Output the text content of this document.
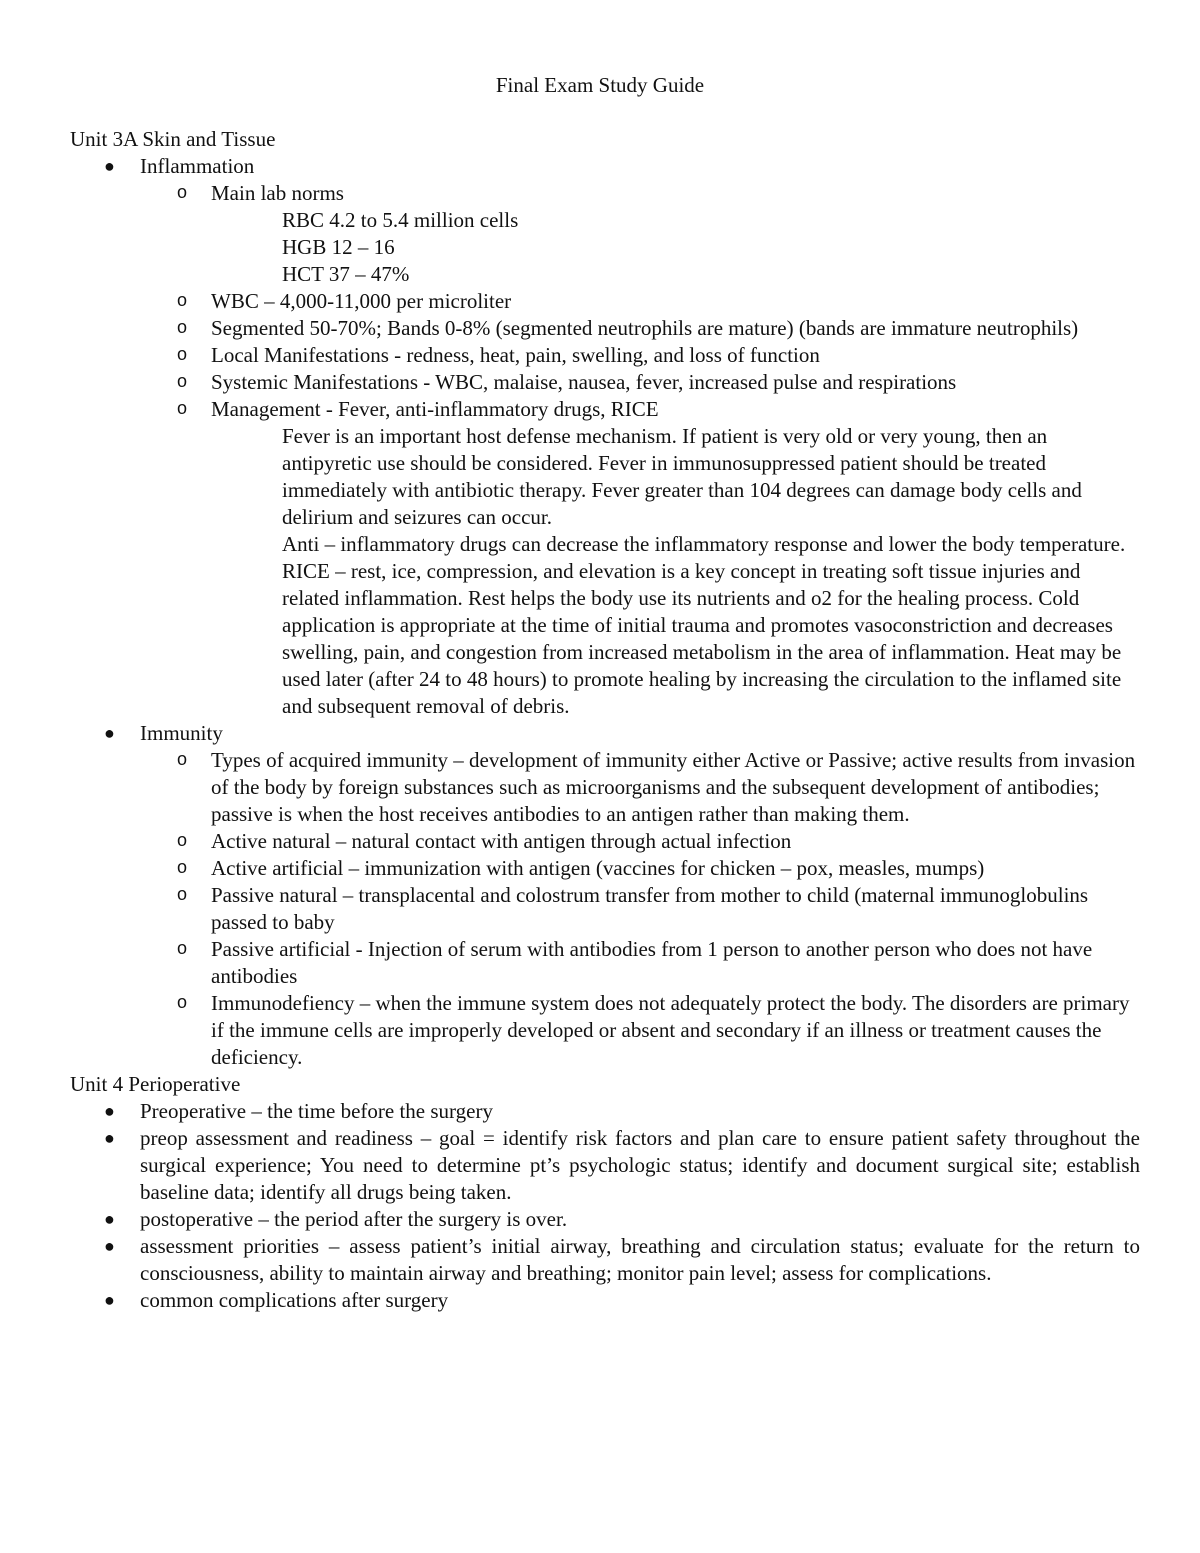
Final Exam Study Guide

Unit 3A Skin and Tissue

● Inflammation
o Main lab norms

RBC 4.2 to 5.4 million cells

HGB 12 – 16

HCT 37 – 47%

o WBC – 4,000-11,000 per microliter
o Segmented 50-70%; Bands 0-8% (segmented neutrophils are mature) (bands are immature neutrophils)
o Local Manifestations - redness, heat, pain, swelling, and loss of function
o Systemic Manifestations - WBC, malaise, nausea, fever, increased pulse and respirations
o Management - Fever, anti-inflammatory drugs, RICE

Fever is an important host defense mechanism. If patient is very old or very young, then an antipyretic use should be considered. Fever in immunosuppressed patient should be treated immediately with antibiotic therapy. Fever greater than 104 degrees can damage body cells and delirium and seizures can occur.

Anti – inflammatory drugs can decrease the inflammatory response and lower the body temperature.

RICE – rest, ice, compression, and elevation is a key concept in treating soft tissue injuries and related inflammation. Rest helps the body use its nutrients and o2 for the healing process. Cold application is appropriate at the time of initial trauma and promotes vasoconstriction and decreases swelling, pain, and congestion from increased metabolism in the area of inflammation. Heat may be used later (after 24 to 48 hours) to promote healing by increasing the circulation to the inflamed site and subsequent removal of debris.

● Immunity
o Types of acquired immunity – development of immunity either Active or Passive; active results from invasion of the body by foreign substances such as microorganisms and the subsequent development of antibodies; passive is when the host receives antibodies to an antigen rather than making them.
o Active natural – natural contact with antigen through actual infection
o Active artificial – immunization with antigen (vaccines for chicken – pox, measles, mumps)
o Passive natural – transplacental and colostrum transfer from mother to child (maternal immunoglobulins passed to baby
o Passive artificial - Injection of serum with antibodies from 1 person to another person who does not have antibodies
o Immunodefiency – when the immune system does not adequately protect the body. The disorders are primary if the immune cells are improperly developed or absent and secondary if an illness or treatment causes the deficiency.

Unit 4 Perioperative

● Preoperative – the time before the surgery
● preop assessment and readiness – goal = identify risk factors and plan care to ensure patient safety throughout the surgical experience; You need to determine pt’s psychologic status; identify and document surgical site; establish baseline data; identify all drugs being taken.
● postoperative – the period after the surgery is over.
● assessment priorities – assess patient’s initial airway, breathing and circulation status; evaluate for the return to consciousness, ability to maintain airway and breathing; monitor pain level; assess for complications.
● common complications after surgery
